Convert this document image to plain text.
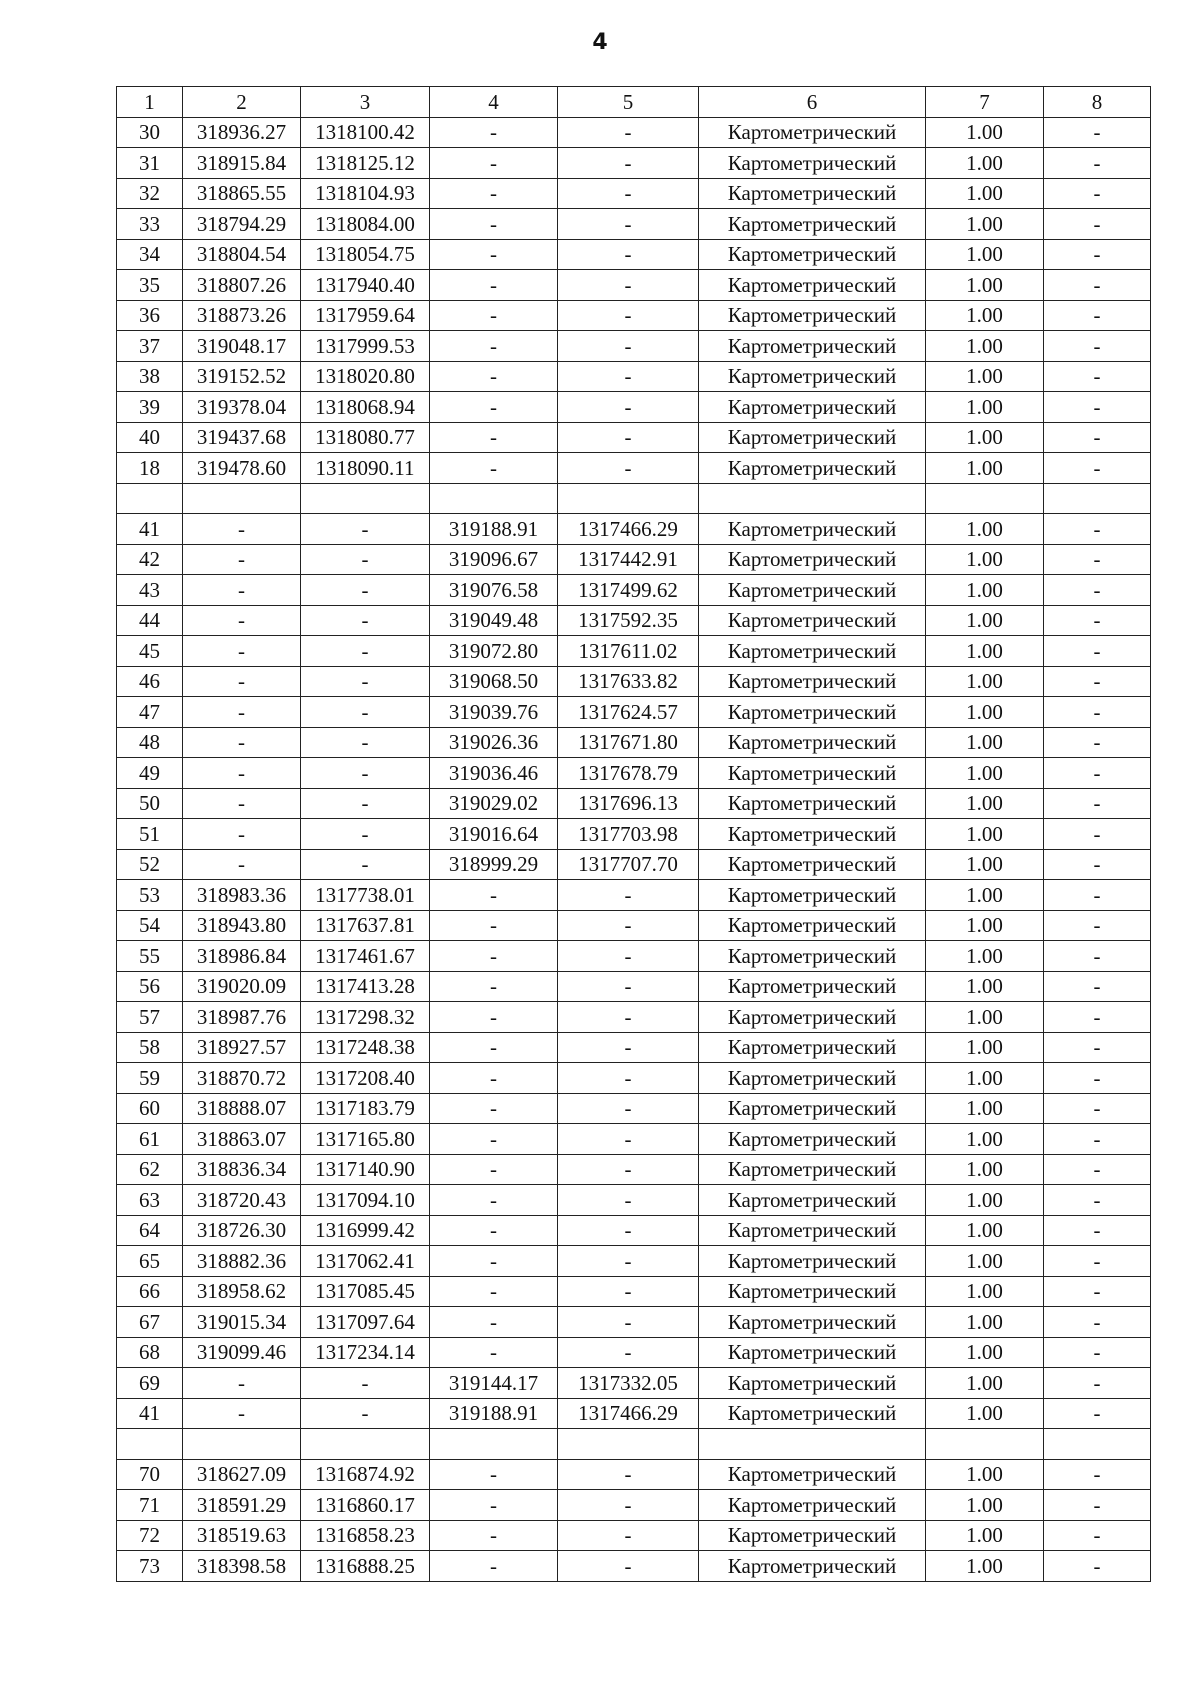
4
1	2	3	4	5	6	7	8
30	318936.27	1318100.42	-	-	Картометрический	1.00	-
31	318915.84	1318125.12	-	-	Картометрический	1.00	-
32	318865.55	1318104.93	-	-	Картометрический	1.00	-
33	318794.29	1318084.00	-	-	Картометрический	1.00	-
34	318804.54	1318054.75	-	-	Картометрический	1.00	-
35	318807.26	1317940.40	-	-	Картометрический	1.00	-
36	318873.26	1317959.64	-	-	Картометрический	1.00	-
37	319048.17	1317999.53	-	-	Картометрический	1.00	-
38	319152.52	1318020.80	-	-	Картометрический	1.00	-
39	319378.04	1318068.94	-	-	Картометрический	1.00	-
40	319437.68	1318080.77	-	-	Картометрический	1.00	-
18	319478.60	1318090.11	-	-	Картометрический	1.00	-

41	-	-	319188.91	1317466.29	Картометрический	1.00	-
42	-	-	319096.67	1317442.91	Картометрический	1.00	-
43	-	-	319076.58	1317499.62	Картометрический	1.00	-
44	-	-	319049.48	1317592.35	Картометрический	1.00	-
45	-	-	319072.80	1317611.02	Картометрический	1.00	-
46	-	-	319068.50	1317633.82	Картометрический	1.00	-
47	-	-	319039.76	1317624.57	Картометрический	1.00	-
48	-	-	319026.36	1317671.80	Картометрический	1.00	-
49	-	-	319036.46	1317678.79	Картометрический	1.00	-
50	-	-	319029.02	1317696.13	Картометрический	1.00	-
51	-	-	319016.64	1317703.98	Картометрический	1.00	-
52	-	-	318999.29	1317707.70	Картометрический	1.00	-
53	318983.36	1317738.01	-	-	Картометрический	1.00	-
54	318943.80	1317637.81	-	-	Картометрический	1.00	-
55	318986.84	1317461.67	-	-	Картометрический	1.00	-
56	319020.09	1317413.28	-	-	Картометрический	1.00	-
57	318987.76	1317298.32	-	-	Картометрический	1.00	-
58	318927.57	1317248.38	-	-	Картометрический	1.00	-
59	318870.72	1317208.40	-	-	Картометрический	1.00	-
60	318888.07	1317183.79	-	-	Картометрический	1.00	-
61	318863.07	1317165.80	-	-	Картометрический	1.00	-
62	318836.34	1317140.90	-	-	Картометрический	1.00	-
63	318720.43	1317094.10	-	-	Картометрический	1.00	-
64	318726.30	1316999.42	-	-	Картометрический	1.00	-
65	318882.36	1317062.41	-	-	Картометрический	1.00	-
66	318958.62	1317085.45	-	-	Картометрический	1.00	-
67	319015.34	1317097.64	-	-	Картометрический	1.00	-
68	319099.46	1317234.14	-	-	Картометрический	1.00	-
69	-	-	319144.17	1317332.05	Картометрический	1.00	-
41	-	-	319188.91	1317466.29	Картометрический	1.00	-

70	318627.09	1316874.92	-	-	Картометрический	1.00	-
71	318591.29	1316860.17	-	-	Картометрический	1.00	-
72	318519.63	1316858.23	-	-	Картометрический	1.00	-
73	318398.58	1316888.25	-	-	Картометрический	1.00	-
